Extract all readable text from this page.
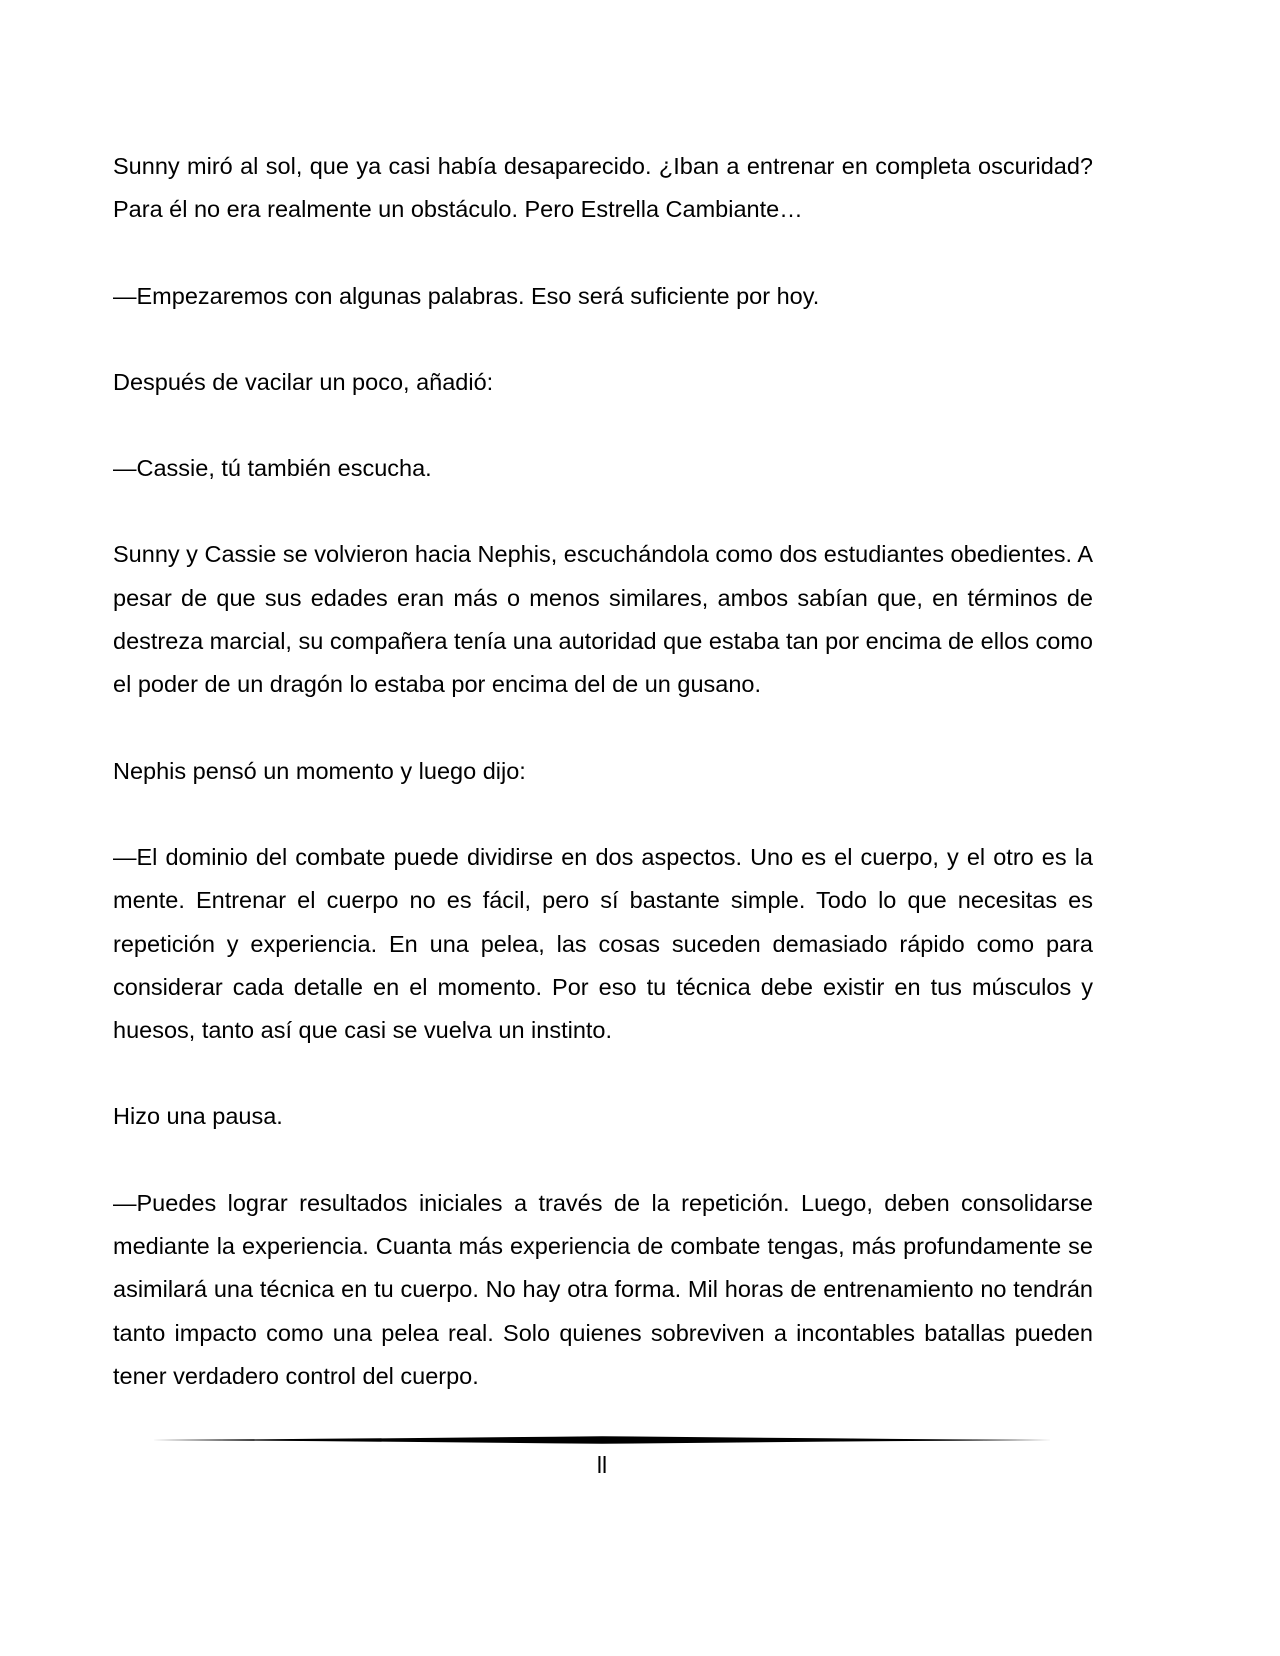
Sunny miró al sol, que ya casi había desaparecido. ¿Iban a entrenar en completa oscuridad? Para él no era realmente un obstáculo. Pero Estrella Cambiante…

—Empezaremos con algunas palabras. Eso será suficiente por hoy.

Después de vacilar un poco, añadió:

—Cassie, tú también escucha.

Sunny y Cassie se volvieron hacia Nephis, escuchándola como dos estudiantes obedientes. A pesar de que sus edades eran más o menos similares, ambos sabían que, en términos de destreza marcial, su compañera tenía una autoridad que estaba tan por encima de ellos como el poder de un dragón lo estaba por encima del de un gusano.

Nephis pensó un momento y luego dijo:

—El dominio del combate puede dividirse en dos aspectos. Uno es el cuerpo, y el otro es la mente. Entrenar el cuerpo no es fácil, pero sí bastante simple. Todo lo que necesitas es repetición y experiencia. En una pelea, las cosas suceden demasiado rápido como para considerar cada detalle en el momento. Por eso tu técnica debe existir en tus músculos y huesos, tanto así que casi se vuelva un instinto.

Hizo una pausa.

—Puedes lograr resultados iniciales a través de la repetición. Luego, deben consolidarse mediante la experiencia. Cuanta más experiencia de combate tengas, más profundamente se asimilará una técnica en tu cuerpo. No hay otra forma. Mil horas de entrenamiento no tendrán tanto impacto como una pelea real. Solo quienes sobreviven a incontables batallas pueden tener verdadero control del cuerpo.

ll
